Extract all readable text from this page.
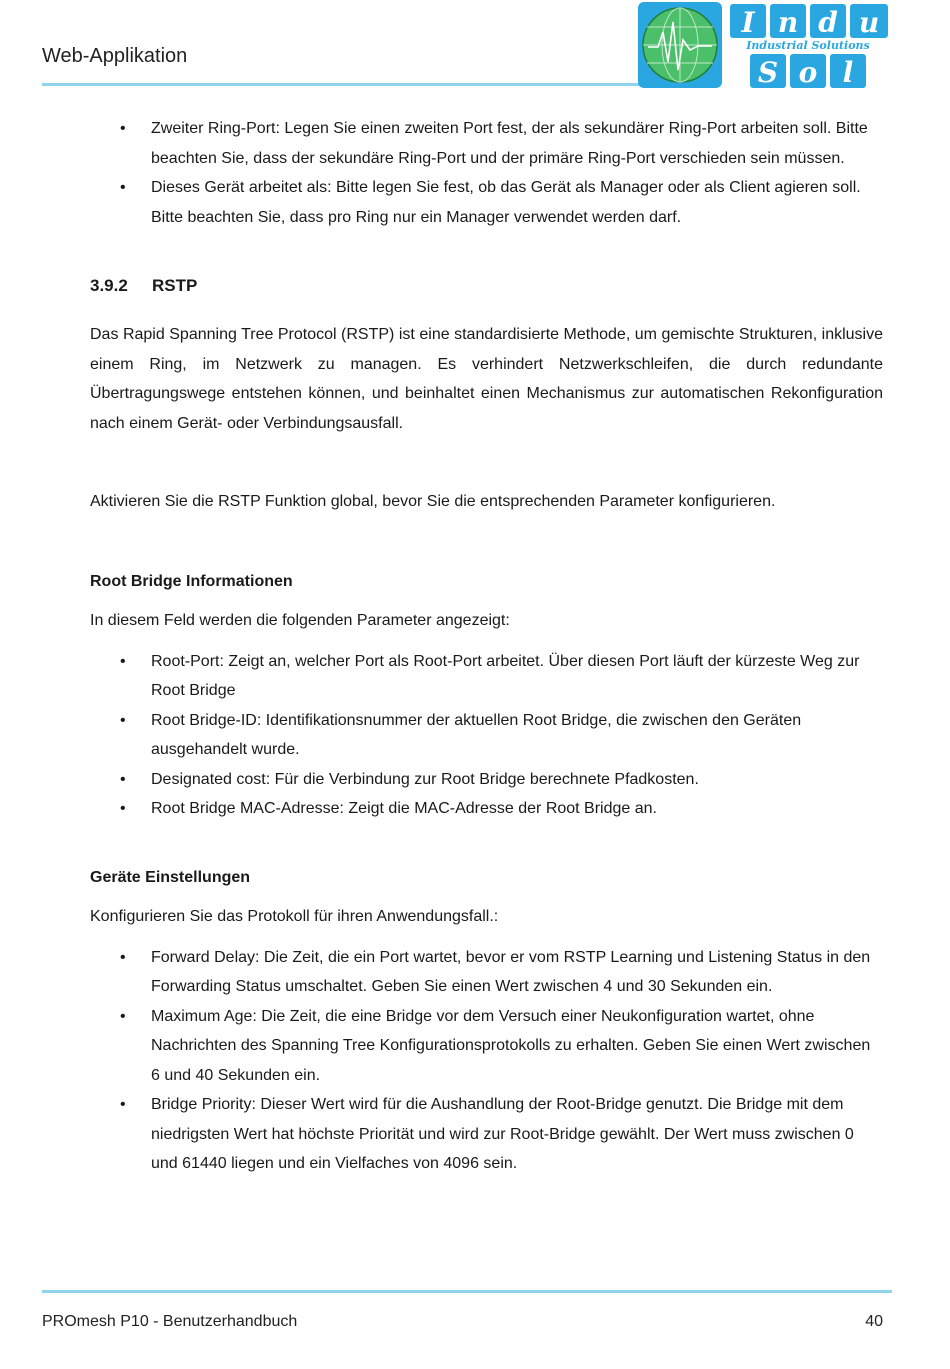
Web-Applikation
I n d u
Industrial Solutions
S o l
• Zweiter Ring-Port: Legen Sie einen zweiten Port fest, der als sekundärer Ring-Port arbeiten soll. Bitte beachten Sie, dass der sekundäre Ring-Port und der primäre Ring-Port verschieden sein müssen.
• Dieses Gerät arbeitet als: Bitte legen Sie fest, ob das Gerät als Manager oder als Client agieren soll. Bitte beachten Sie, dass pro Ring nur ein Manager verwendet werden darf.
3.9.2 RSTP

Das Rapid Spanning Tree Protocol (RSTP) ist eine standardisierte Methode, um gemischte Strukturen, inklusive einem Ring, im Netzwerk zu managen. Es verhindert Netzwerkschleifen, die durch redundante Übertragungswege entstehen können, und beinhaltet einen Mechanismus zur automatischen Rekonfiguration nach einem Gerät- oder Verbindungsausfall.

Aktivieren Sie die RSTP Funktion global, bevor Sie die entsprechenden Parameter konfigurieren.

Root Bridge Informationen

In diesem Feld werden die folgenden Parameter angezeigt:

• Root-Port: Zeigt an, welcher Port als Root-Port arbeitet. Über diesen Port läuft der kürzeste Weg zur Root Bridge
• Root Bridge-ID: Identifikationsnummer der aktuellen Root Bridge, die zwischen den Geräten ausgehandelt wurde.
• Designated cost: Für die Verbindung zur Root Bridge berechnete Pfadkosten.
• Root Bridge MAC-Adresse: Zeigt die MAC-Adresse der Root Bridge an.

Geräte Einstellungen

Konfigurieren Sie das Protokoll für ihren Anwendungsfall.:

• Forward Delay: Die Zeit, die ein Port wartet, bevor er vom RSTP Learning und Listening Status in den Forwarding Status umschaltet. Geben Sie einen Wert zwischen 4 und 30 Sekunden ein.
• Maximum Age: Die Zeit, die eine Bridge vor dem Versuch einer Neukonfiguration wartet, ohne Nachrichten des Spanning Tree Konfigurationsprotokolls zu erhalten. Geben Sie einen Wert zwischen 6 und 40 Sekunden ein.
• Bridge Priority: Dieser Wert wird für die Aushandlung der Root-Bridge genutzt. Die Bridge mit dem niedrigsten Wert hat höchste Priorität und wird zur Root-Bridge gewählt. Der Wert muss zwischen 0 und 61440 liegen und ein Vielfaches von 4096 sein.
PROmesh P10 - Benutzerhandbuch	40
